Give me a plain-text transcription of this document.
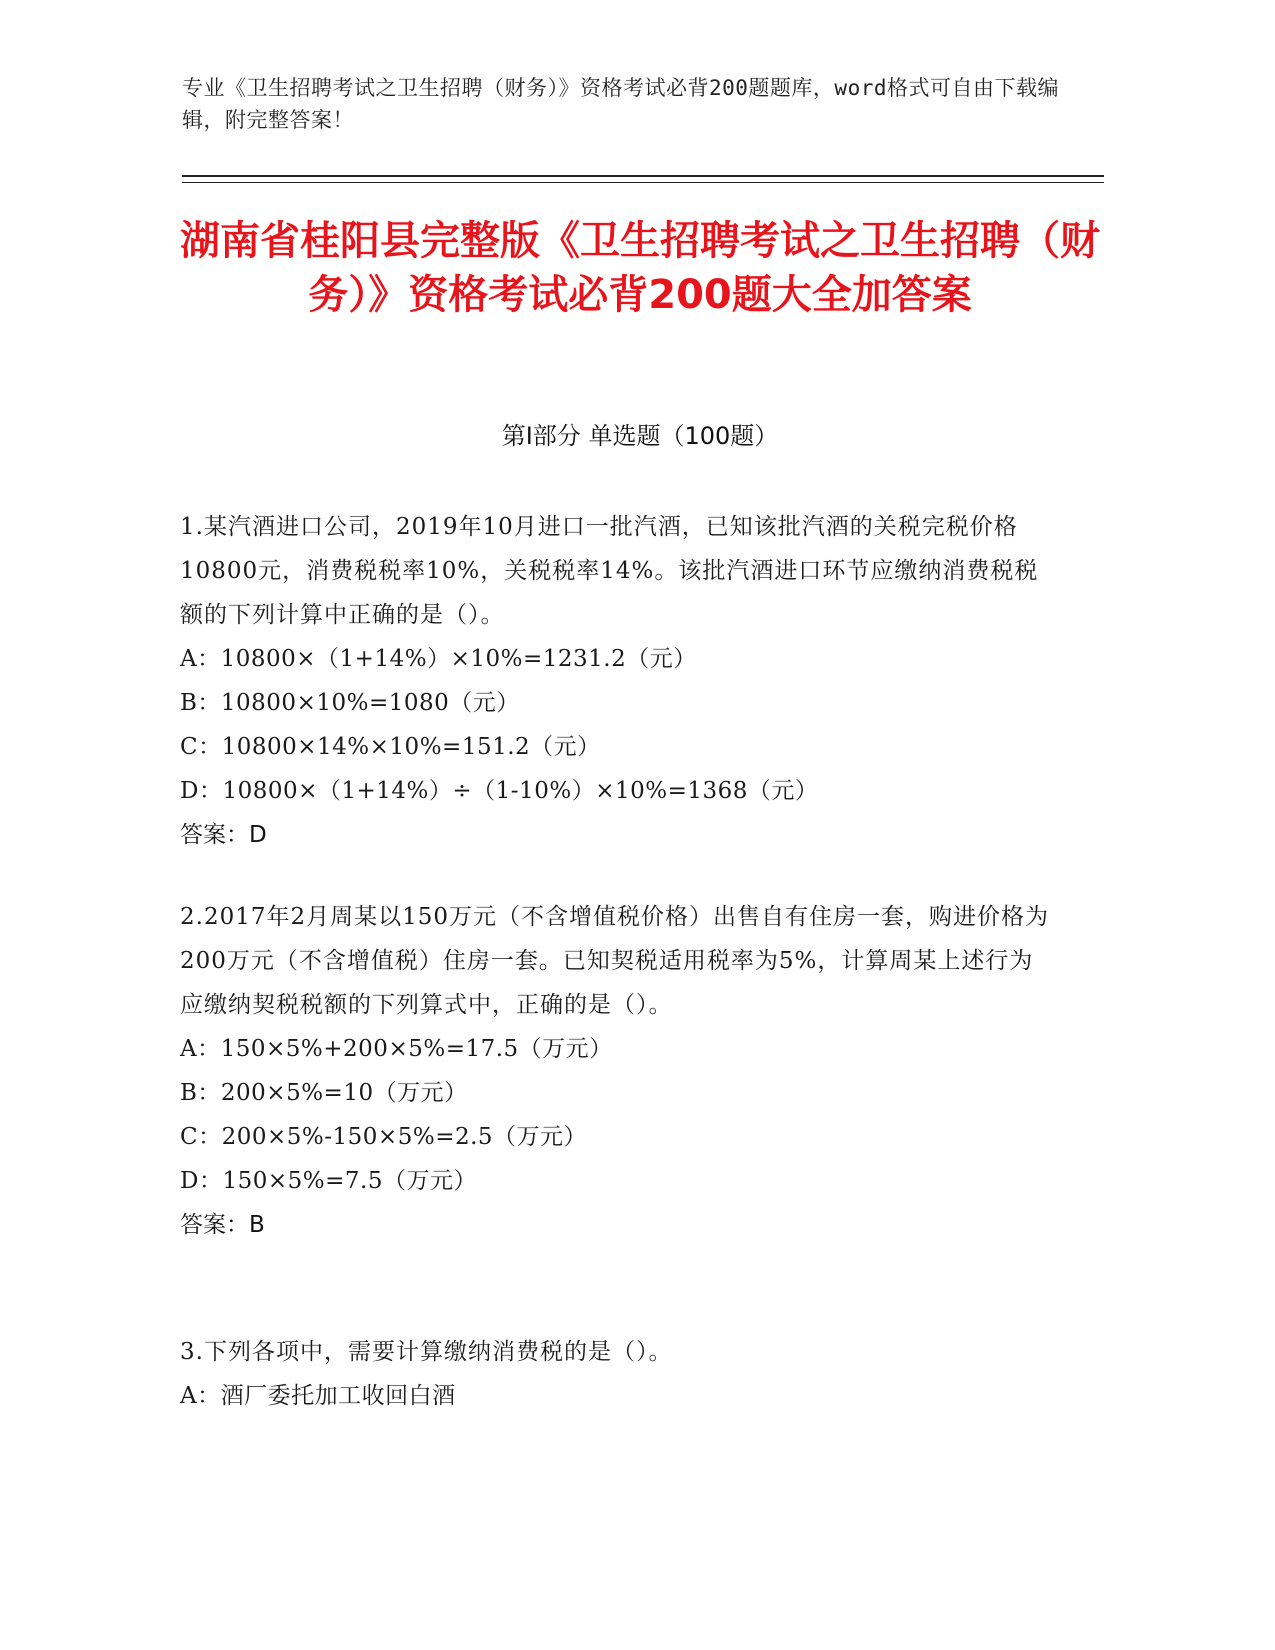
专业《卫生招聘考试之卫生招聘（财务）》资格考试必背200题题库，word格式可自由下载编辑，附完整答案！
湖南省桂阳县完整版《卫生招聘考试之卫生招聘（财务）》资格考试必背200题大全加答案
第Ⅰ部分 单选题（100题）
1.某汽酒进口公司，2019年10月进口一批汽酒，已知该批汽酒的关税完税价格10800元，消费税税率10%，关税税率14%。该批汽酒进口环节应缴纳消费税税额的下列计算中正确的是（）。
A：10800×（1+14%）×10%=1231.2（元）
B：10800×10%=1080（元）
C：10800×14%×10%=151.2（元）
D：10800×（1+14%）÷（1-10%）×10%=1368（元）
答案：D
2.2017年2月周某以150万元（不含增值税价格）出售自有住房一套，购进价格为200万元（不含增值税）住房一套。已知契税适用税率为5%，计算周某上述行为应缴纳契税税额的下列算式中，正确的是（）。
A：150×5%+200×5%=17.5（万元）
B：200×5%=10（万元）
C：200×5%-150×5%=2.5（万元）
D：150×5%=7.5（万元）
答案：B
3.下列各项中，需要计算缴纳消费税的是（）。
A：酒厂委托加工收回白酒
